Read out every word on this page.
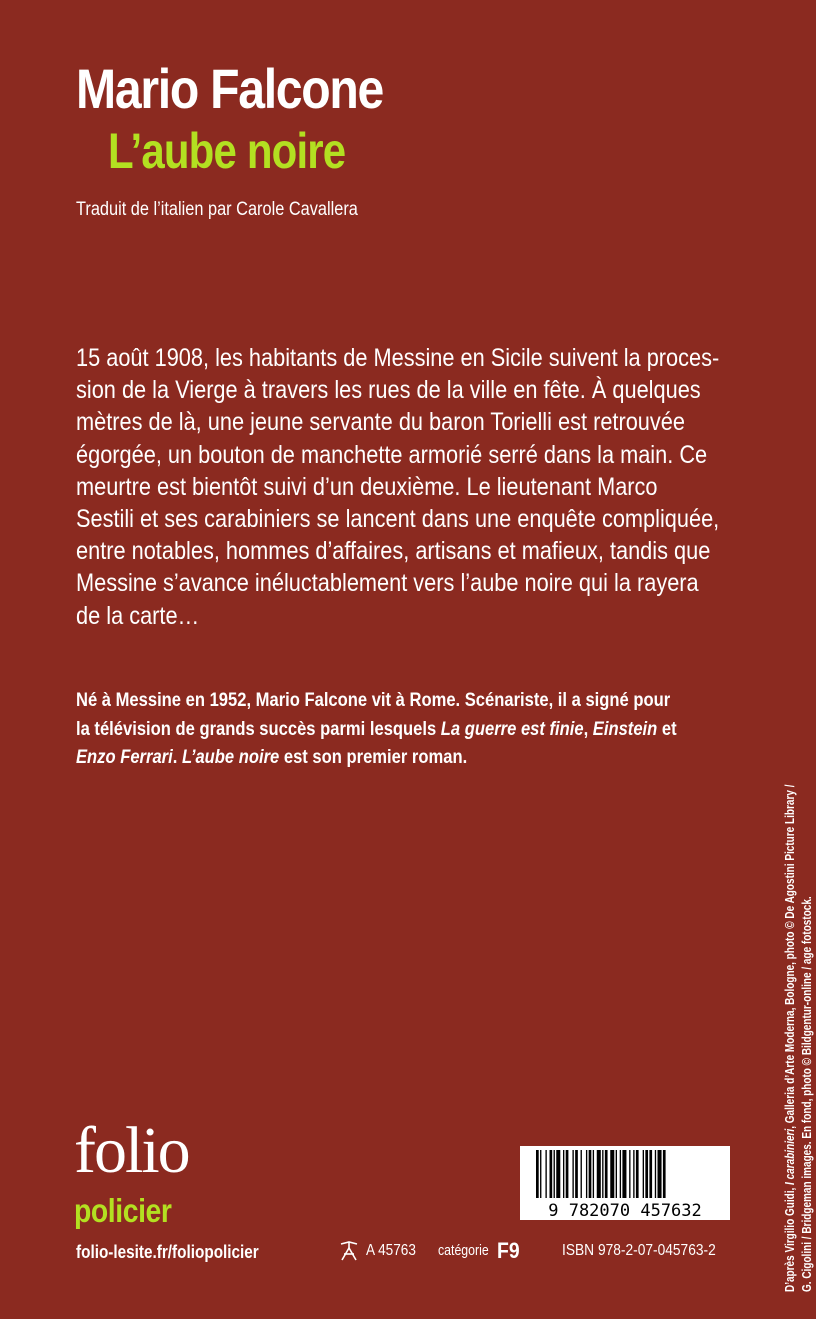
Mario Falcone
L’aube noire
Traduit de l’italien par Carole Cavallera
15 août 1908, les habitants de Messine en Sicile suivent la proces-
sion de la Vierge à travers les rues de la ville en fête. À quelques
mètres de là, une jeune servante du baron Torielli est retrouvée
égorgée, un bouton de manchette armorié serré dans la main. Ce
meurtre est bientôt suivi d’un deuxième. Le lieutenant Marco
Sestili et ses carabiniers se lancent dans une enquête compliquée,
entre notables, hommes d’affaires, artisans et mafieux, tandis que
Messine s’avance inéluctablement vers l’aube noire qui la rayera
de la carte…
Né à Messine en 1952, Mario Falcone vit à Rome. Scénariste, il a signé pour
la télévision de grands succès parmi lesquels La guerre est finie, Einstein et
Enzo Ferrari. L’aube noire est son premier roman.
D’après Virgilio Guidi, I carabinieri, Galleria d’Arte Moderna, Bologne, photo © De Agostini Picture Library / G. Cigolini / Bridgeman images. En fond, photo © Bildgentur-online / age fotostock.
folio
policier
folio-lesite.fr/foliopolicier
9 782070 457632
A 45763 catégorie F9	ISBN 978-2-07-045763-2
